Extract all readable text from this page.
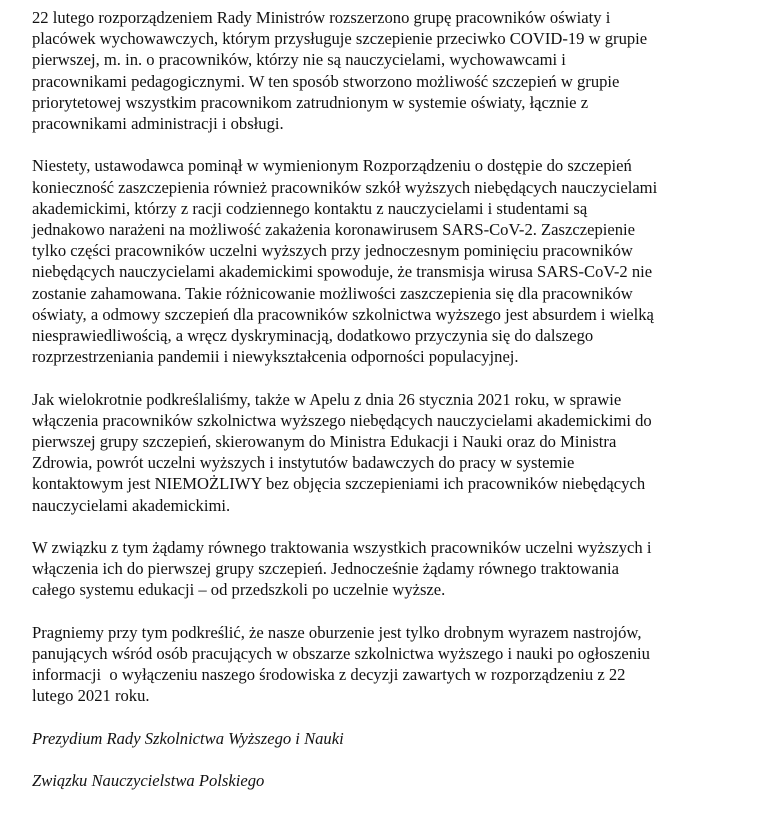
22 lutego rozporządzeniem Rady Ministrów rozszerzono grupę pracowników oświaty i
placówek wychowawczych, którym przysługuje szczepienie przeciwko COVID-19 w grupie
pierwszej, m. in. o pracowników, którzy nie są nauczycielami, wychowawcami i
pracownikami pedagogicznymi. W ten sposób stworzono możliwość szczepień w grupie
priorytetowej wszystkim pracownikom zatrudnionym w systemie oświaty, łącznie z
pracownikami administracji i obsługi.
Niestety, ustawodawca pominął w wymienionym Rozporządzeniu o dostępie do szczepień
konieczność zaszczepienia również pracowników szkół wyższych niebędących nauczycielami
akademickimi, którzy z racji codziennego kontaktu z nauczycielami i studentami są
jednakowo narażeni na możliwość zakażenia koronawirusem SARS-CoV-2. Zaszczepienie
tylko części pracowników uczelni wyższych przy jednoczesnym pominięciu pracowników
niebędących nauczycielami akademickimi spowoduje, że transmisja wirusa SARS-CoV-2 nie
zostanie zahamowana. Takie różnicowanie możliwości zaszczepienia się dla pracowników
oświaty, a odmowy szczepień dla pracowników szkolnictwa wyższego jest absurdem i wielką
niesprawiedliwością, a wręcz dyskryminacją, dodatkowo przyczynia się do dalszego
rozprzestrzeniania pandemii i niewykształcenia odporności populacyjnej.
Jak wielokrotnie podkreślaliśmy, także w Apelu z dnia 26 stycznia 2021 roku, w sprawie
włączenia pracowników szkolnictwa wyższego niebędących nauczycielami akademickimi do
pierwszej grupy szczepień, skierowanym do Ministra Edukacji i Nauki oraz do Ministra
Zdrowia, powrót uczelni wyższych i instytutów badawczych do pracy w systemie
kontaktowym jest NIEMOŻLIWY bez objęcia szczepieniami ich pracowników niebędących
nauczycielami akademickimi.
W związku z tym żądamy równego traktowania wszystkich pracowników uczelni wyższych i
włączenia ich do pierwszej grupy szczepień. Jednocześnie żądamy równego traktowania
całego systemu edukacji – od przedszkoli po uczelnie wyższe.
Pragniemy przy tym podkreślić, że nasze oburzenie jest tylko drobnym wyrazem nastrojów,
panujących wśród osób pracujących w obszarze szkolnictwa wyższego i nauki po ogłoszeniu
informacji  o wyłączeniu naszego środowiska z decyzji zawartych w rozporządzeniu z 22
lutego 2021 roku.
Prezydium Rady Szkolnictwa Wyższego i Nauki
Związku Nauczycielstwa Polskiego
